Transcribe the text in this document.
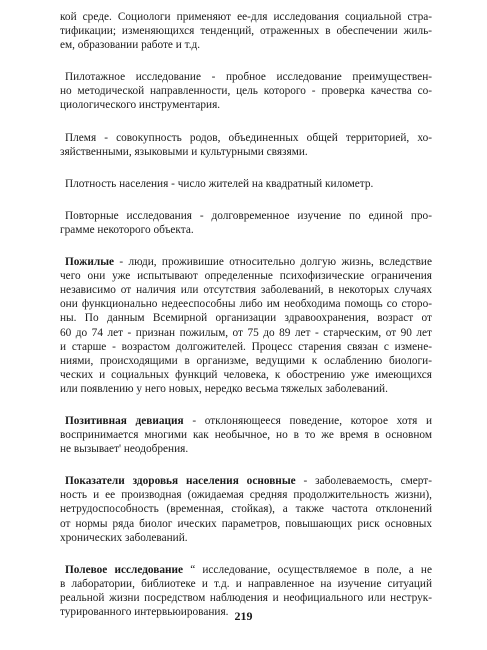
кой среде. Социологи применяют ее-для исследования социальной стра-
тификации; изменяющихся тенденций, отраженных в обеспечении жиль-
ем, образовании работе и т.д.
Пилотажное исследование - пробное исследование преимуществен-
но методической направленности, цель которого - проверка качества со-
циологического инструментария.
Племя - совокупность родов, объединенных общей территорией, хо-
зяйственными, языковыми и культурными связями.
Плотность населения - число жителей на квадратный километр.
Повторные исследования - долговременное изучение по единой про-
грамме некоторого объекта.
Пожилые - люди, проживишие относительно долгую жизнь, вследствие
чего они уже испытывают определенные психофизические ограничения
независимо от наличия или отсутствия заболеваний, в некоторых случаях
они функционально недееспособны либо им необходима помощь со сторо-
ны. По данным Всемирной организации здравоохранения, возраст от
60 до 74 лет - признан пожилым, от 75 до 89 лет - старческим, от 90 лет
и старше - возрастом долгожителей. Процесс старения связан с измене-
ниями, происходящими в организме, ведущими к ослаблению биологи-
ческих и социальных функций человека, к обострению уже имеющихся
или появлению у него новых, нередко весьма тяжелых заболеваний.
Позитивная девиация - отклоняющееся поведение, которое хотя и
воспринимается многими как необычное, но в то же время в основном
не вызывает' неодобрения.
Показатели здоровья населения основные - заболеваемость, смерт-
ность и ее производная (ожидаемая средняя продолжительность жизни),
нетрудоспособность (временная, стойкая), а также частота отклонений
от нормы ряда биолог ических параметров, повышающих риск основных
хронических заболеваний.
Полевое исследование “ исследование, осуществляемое в поле, а не
в лаборатории, библиотеке и т.д. и направленное на изучение ситуаций
реальной жизни посредством наблюдения и неофициального или неструк-
турированного интервьюирования. 219
